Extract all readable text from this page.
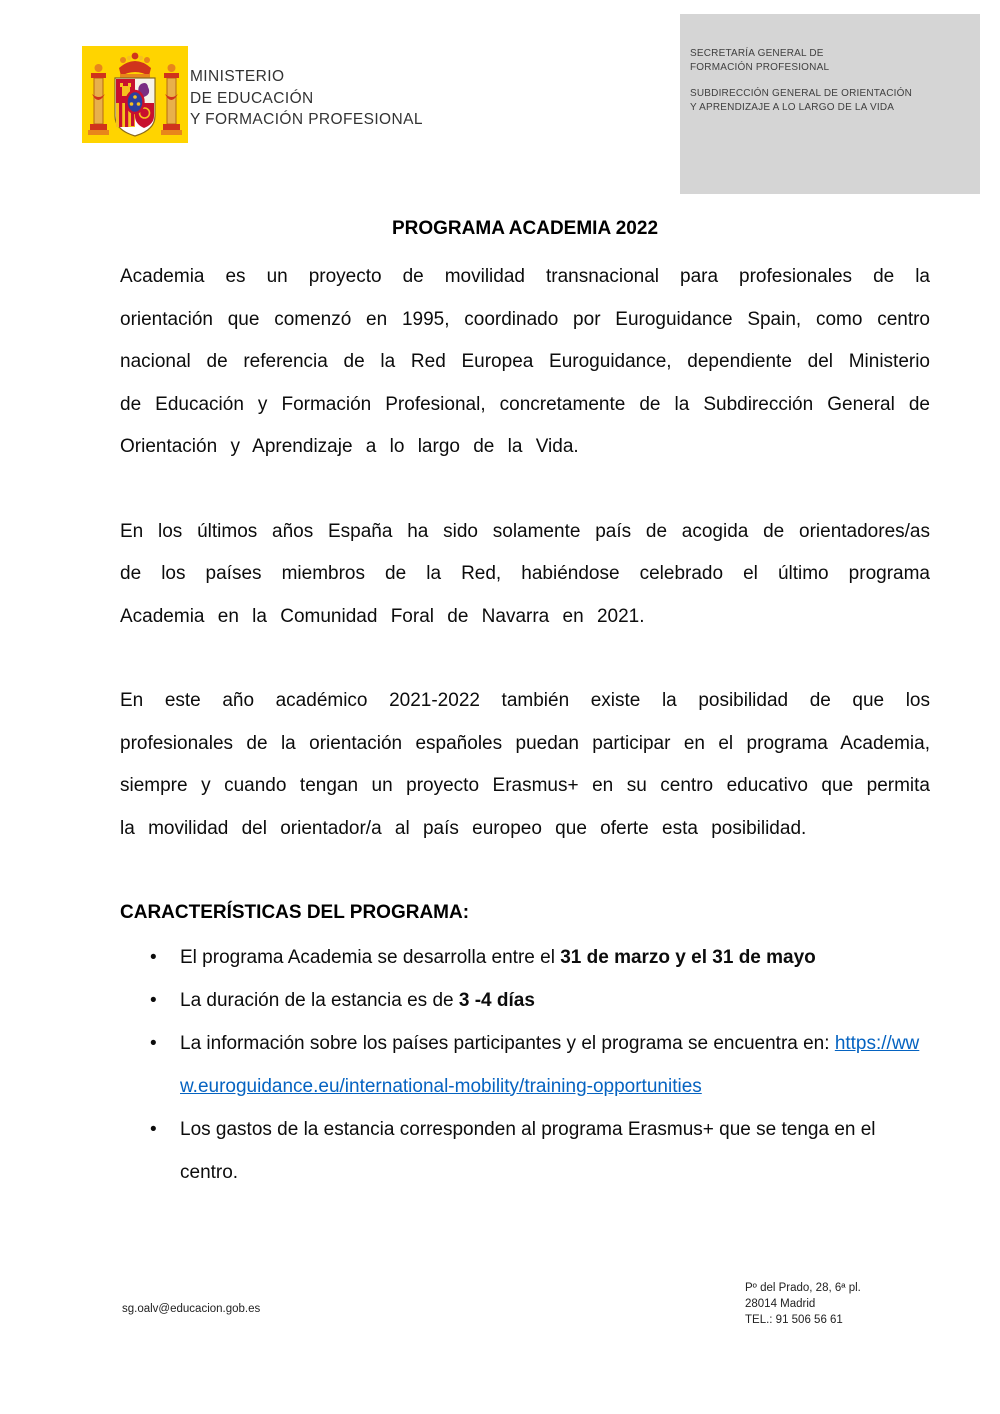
MINISTERIO
DE EDUCACIÓN
Y FORMACIÓN PROFESIONAL

SECRETARÍA GENERAL DE
FORMACIÓN PROFESIONAL

SUBDIRECCIÓN GENERAL DE ORIENTACIÓN
Y APRENDIZAJE A LO LARGO DE LA VIDA

PROGRAMA ACADEMIA 2022

Academia es un proyecto de movilidad transnacional para profesionales de la orientación que comenzó en 1995, coordinado por Euroguidance Spain, como centro nacional de referencia de la Red Europea Euroguidance, dependiente del Ministerio de Educación y Formación Profesional, concretamente de la Subdirección General de Orientación y Aprendizaje a lo largo de la Vida.

En los últimos años España ha sido solamente país de acogida de orientadores/as de los países miembros de la Red, habiéndose celebrado el último programa Academia en la Comunidad Foral de Navarra en 2021.

En este año académico 2021-2022 también existe la posibilidad de que los profesionales de la orientación españoles puedan participar en el programa Academia, siempre y cuando tengan un proyecto Erasmus+ en su centro educativo que permita la movilidad del orientador/a al país europeo que oferte esta posibilidad.

CARACTERÍSTICAS DEL PROGRAMA:
• El programa Academia se desarrolla entre el 31 de marzo y el 31 de mayo
• La duración de la estancia es de 3 -4 días
• La información sobre los países participantes y el programa se encuentra en: https://www.euroguidance.eu/international-mobility/training-opportunities
• Los gastos de la estancia corresponden al programa Erasmus+ que se tenga en el centro.
sg.oalv@educacion.gob.es
Pº del Prado, 28, 6ª pl.
28014 Madrid
TEL.: 91 506 56 61
